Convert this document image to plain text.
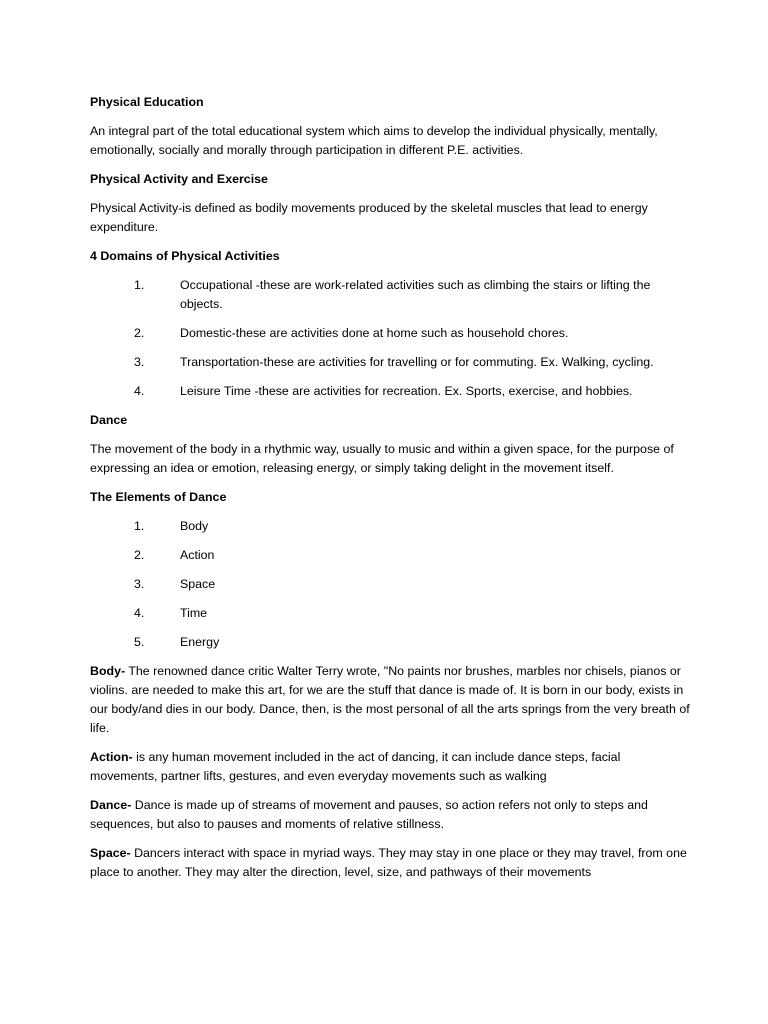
Physical Education

An integral part of the total educational system which aims to develop the individual physically, mentally, emotionally, socially and morally through participation in different P.E. activities.

Physical Activity and Exercise

Physical Activity-is defined as bodily movements produced by the skeletal muscles that lead to energy expenditure.

4 Domains of Physical Activities

1.	Occupational -these are work-related activities such as climbing the stairs or lifting the objects.
2.	Domestic-these are activities done at home such as household chores.
3.	Transportation-these are activities for travelling or for commuting. Ex. Walking, cycling.
4.	Leisure Time -these are activities for recreation. Ex. Sports, exercise, and hobbies.

Dance

The movement of the body in a rhythmic way, usually to music and within a given space, for the purpose of expressing an idea or emotion, releasing energy, or simply taking delight in the movement itself.

The Elements of Dance

1.	Body
2.	Action
3.	Space
4.	Time
5.	Energy

Body- The renowned dance critic Walter Terry wrote, "No paints nor brushes, marbles nor chisels, pianos or violins. are needed to make this art, for we are the stuff that dance is made of. It is born in our body, exists in our body/and dies in our body. Dance, then, is the most personal of all the arts springs from the very breath of life.

Action- is any human movement included in the act of dancing, it can include dance steps, facial movements, partner lifts, gestures, and even everyday movements such as walking

Dance- Dance is made up of streams of movement and pauses, so action refers not only to steps and sequences, but also to pauses and moments of relative stillness.

Space- Dancers interact with space in myriad ways. They may stay in one place or they may travel, from one place to another. They may alter the direction, level, size, and pathways of their movements
